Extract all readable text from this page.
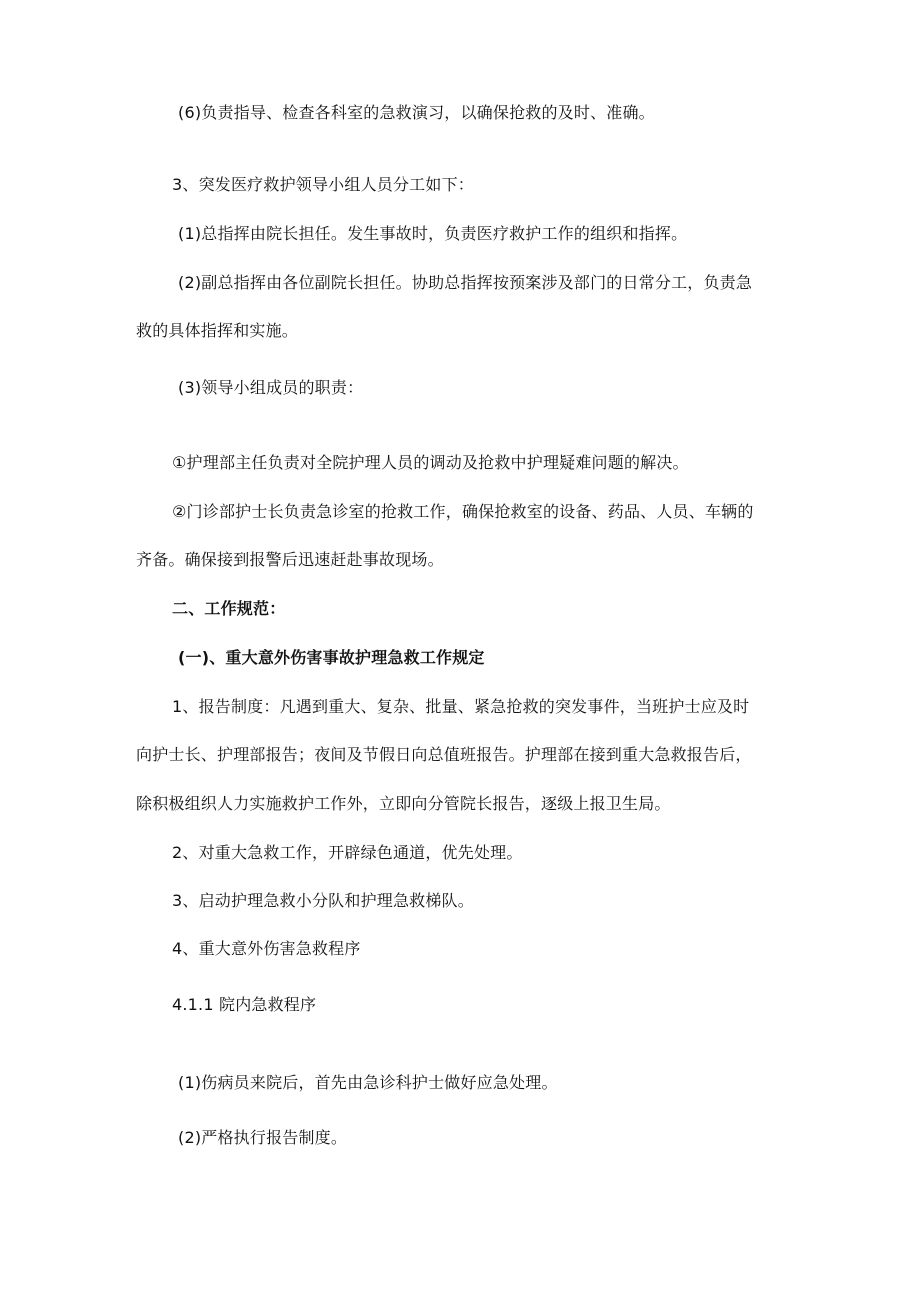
(6)负责指导、检查各科室的急救演习，以确保抢救的及时、准确。
3、突发医疗救护领导小组人员分工如下：
(1)总指挥由院长担任。发生事故时，负责医疗救护工作的组织和指挥。
(2)副总指挥由各位副院长担任。协助总指挥按预案涉及部门的日常分工，负责急
救的具体指挥和实施。
(3)领导小组成员的职责：
①护理部主任负责对全院护理人员的调动及抢救中护理疑难问题的解决。
②门诊部护士长负责急诊室的抢救工作，确保抢救室的设备、药品、人员、车辆的
齐备。确保接到报警后迅速赶赴事故现场。
二、工作规范：
(一)、重大意外伤害事故护理急救工作规定
1、报告制度：凡遇到重大、复杂、批量、紧急抢救的突发事件，当班护士应及时
向护士长、护理部报告；夜间及节假日向总值班报告。护理部在接到重大急救报告后，
除积极组织人力实施救护工作外，立即向分管院长报告，逐级上报卫生局。
2、对重大急救工作，开辟绿色通道，优先处理。
3、启动护理急救小分队和护理急救梯队。
4、重大意外伤害急救程序
4.1.1 院内急救程序
(1)伤病员来院后，首先由急诊科护士做好应急处理。
(2)严格执行报告制度。
